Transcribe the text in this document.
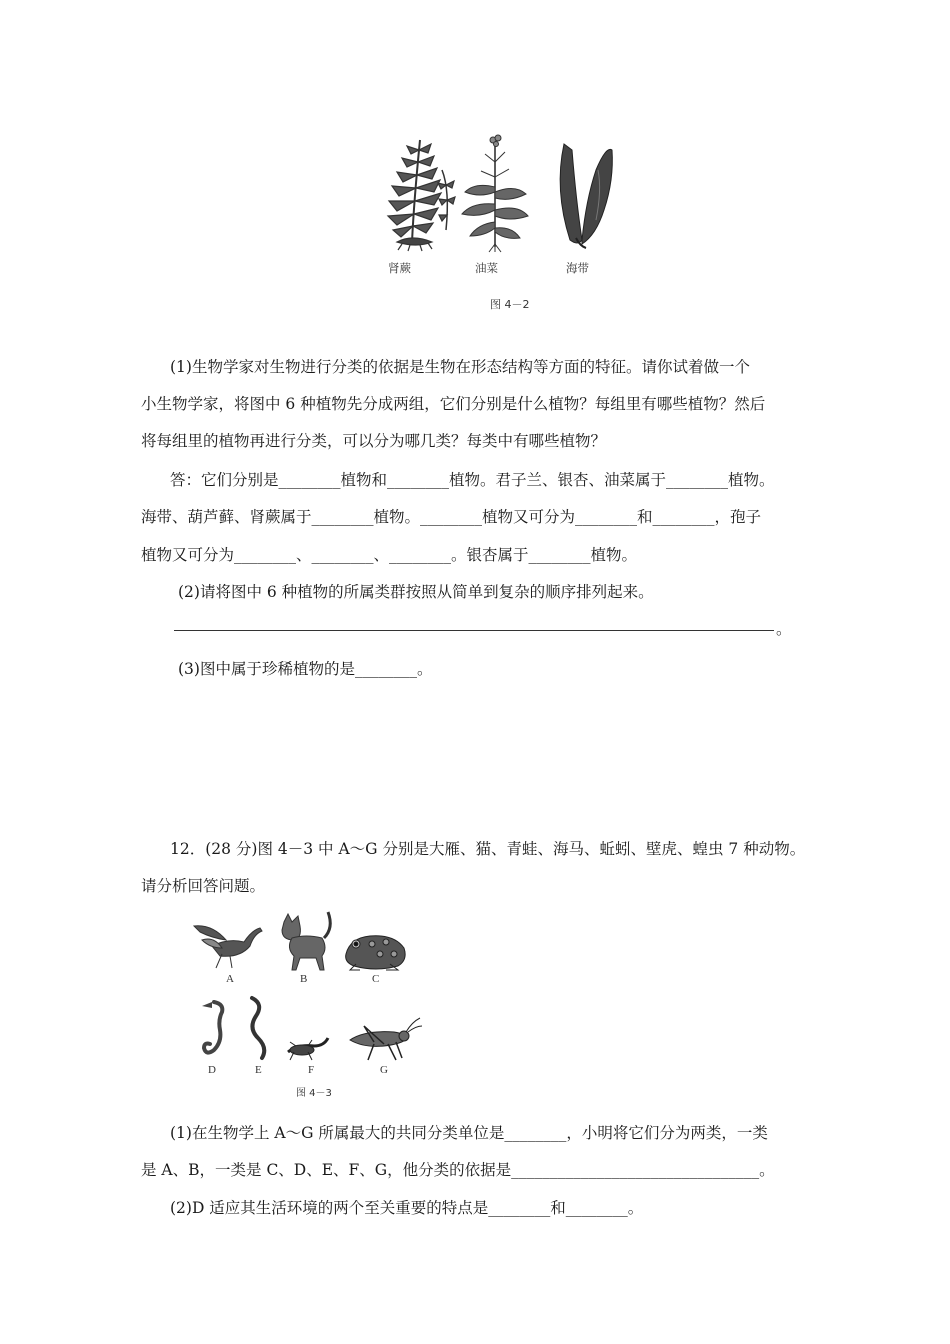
肾蕨	油菜	海带
图 4－2
(1)生物学家对生物进行分类的依据是生物在形态结构等方面的特征。请你试着做一个
小生物学家，将图中 6 种植物先分成两组，它们分别是什么植物？每组里有哪些植物？然后
将每组里的植物再进行分类，可以分为哪几类？每类中有哪些植物？
答：它们分别是________植物和________植物。君子兰、银杏、油菜属于________植物。
海带、葫芦藓、肾蕨属于________植物。________植物又可分为________和________，孢子
植物又可分为________、________、________。银杏属于________植物。
(2)请将图中 6 种植物的所属类群按照从简单到复杂的顺序排列起来。
。
(3)图中属于珍稀植物的是________。
12．(28 分)图 4－3 中 A～G 分别是大雁、猫、青蛙、海马、蚯蚓、壁虎、蝗虫 7 种动物。
请分析回答问题。
A	B	C
D	E	F	G
图 4－3
(1)在生物学上 A～G 所属最大的共同分类单位是________，小明将它们分为两类，一类
是 A、B，一类是 C、D、E、F、G，他分类的依据是________________________________。
(2)D 适应其生活环境的两个至关重要的特点是________和________。
